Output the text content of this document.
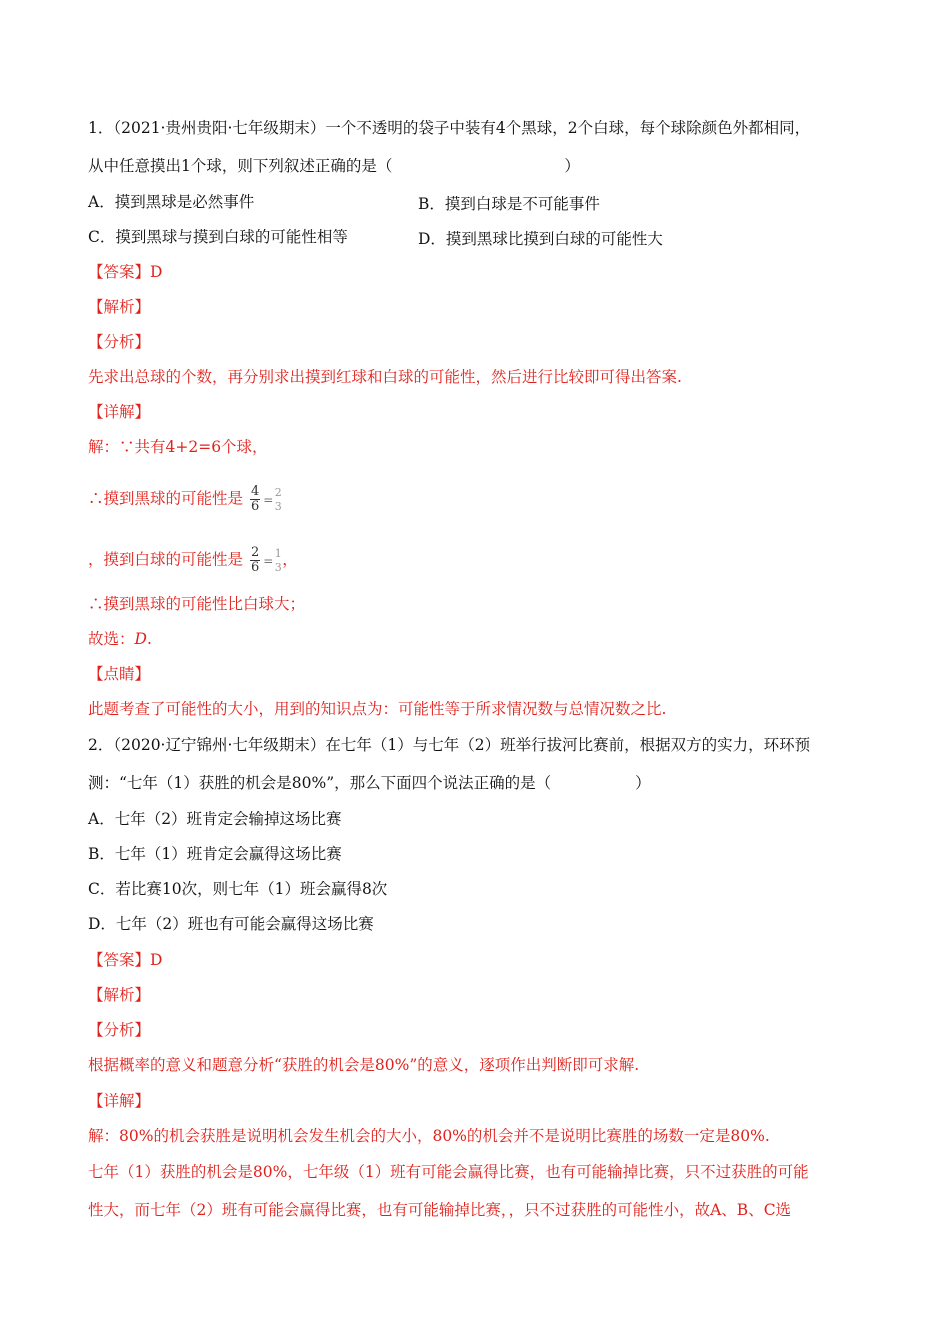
1．（2021·贵州贵阳·七年级期末）一个不透明的袋子中装有4个黑球，2个白球，每个球除颜色外都相同，
从中任意摸出1个球，则下列叙述正确的是（	）
A．摸到黑球是必然事件	B．摸到白球是不可能事件
C．摸到黑球与摸到白球的可能性相等	D．摸到黑球比摸到白球的可能性大
【答案】D
【解析】
【分析】
先求出总球的个数，再分别求出摸到红球和白球的可能性，然后进行比较即可得出答案.
【详解】
解：∵共有4+2=6个球，
∴摸到黑球的可能性是 $\frac{4}{6}$ =
2
3
，摸到白球的可能性是 $\frac{2}{6}$ =
1
3 ，
∴摸到黑球的可能性比白球大；
故选：D.
【点睛】
此题考查了可能性的大小，用到的知识点为：可能性等于所求情况数与总情况数之比.
2．（2020·辽宁锦州·七年级期末）在七年（1）与七年（2）班举行拔河比赛前，根据双方的实力，环环预
测：“七年（1）获胜的机会是80%”，那么下面四个说法正确的是（	）
A．七年（2）班肯定会输掉这场比赛
B．七年（1）班肯定会赢得这场比赛
C．若比赛10次，则七年（1）班会赢得8次
D．七年（2）班也有可能会赢得这场比赛
【答案】D
【解析】
【分析】
根据概率的意义和题意分析“获胜的机会是80%”的意义，逐项作出判断即可求解.
【详解】
解：80%的机会获胜是说明机会发生机会的大小，80%的机会并不是说明比赛胜的场数一定是80%.
七年（1）获胜的机会是80%，七年级（1）班有可能会赢得比赛，也有可能输掉比赛，只不过获胜的可能
性大，而七年（2）班有可能会赢得比赛，也有可能输掉比赛，，只不过获胜的可能性小，故A、B、C选
